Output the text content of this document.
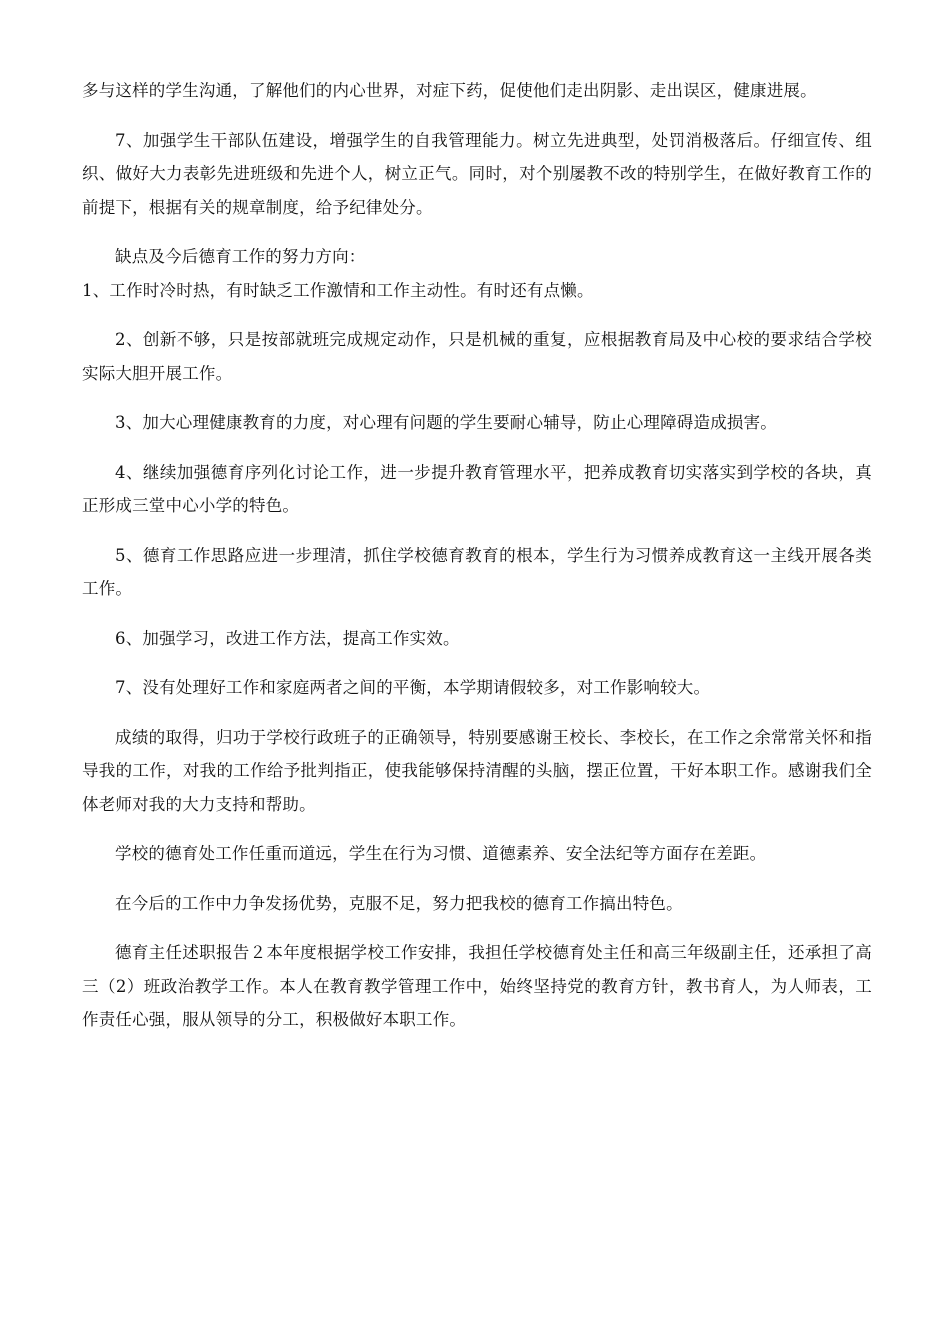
多与这样的学生沟通，了解他们的内心世界，对症下药，促使他们走出阴影、走出误区，健康进展。

7、加强学生干部队伍建设，增强学生的自我管理能力。树立先进典型，处罚消极落后。仔细宣传、组织、做好大力表彰先进班级和先进个人，树立正气。同时，对个别屡教不改的特别学生，在做好教育工作的前提下，根据有关的规章制度，给予纪律处分。

缺点及今后德育工作的努力方向：

1、工作时冷时热，有时缺乏工作激情和工作主动性。有时还有点懒。

2、创新不够，只是按部就班完成规定动作，只是机械的重复，应根据教育局及中心校的要求结合学校实际大胆开展工作。

3、加大心理健康教育的力度，对心理有问题的学生要耐心辅导，防止心理障碍造成损害。

4、继续加强德育序列化讨论工作，进一步提升教育管理水平，把养成教育切实落实到学校的各块，真正形成三堂中心小学的特色。

5、德育工作思路应进一步理清，抓住学校德育教育的根本，学生行为习惯养成教育这一主线开展各类工作。

6、加强学习，改进工作方法，提高工作实效。

7、没有处理好工作和家庭两者之间的平衡，本学期请假较多，对工作影响较大。

成绩的取得，归功于学校行政班子的正确领导，特别要感谢王校长、李校长，在工作之余常常关怀和指导我的工作，对我的工作给予批判指正，使我能够保持清醒的头脑，摆正位置，干好本职工作。感谢我们全体老师对我的大力支持和帮助。

学校的德育处工作任重而道远，学生在行为习惯、道德素养、安全法纪等方面存在差距。

在今后的工作中力争发扬优势，克服不足，努力把我校的德育工作搞出特色。

德育主任述职报告２本年度根据学校工作安排，我担任学校德育处主任和高三年级副主任，还承担了高三（2）班政治教学工作。本人在教育教学管理工作中，始终坚持党的教育方针，教书育人，为人师表，工作责任心强，服从领导的分工，积极做好本职工作。
